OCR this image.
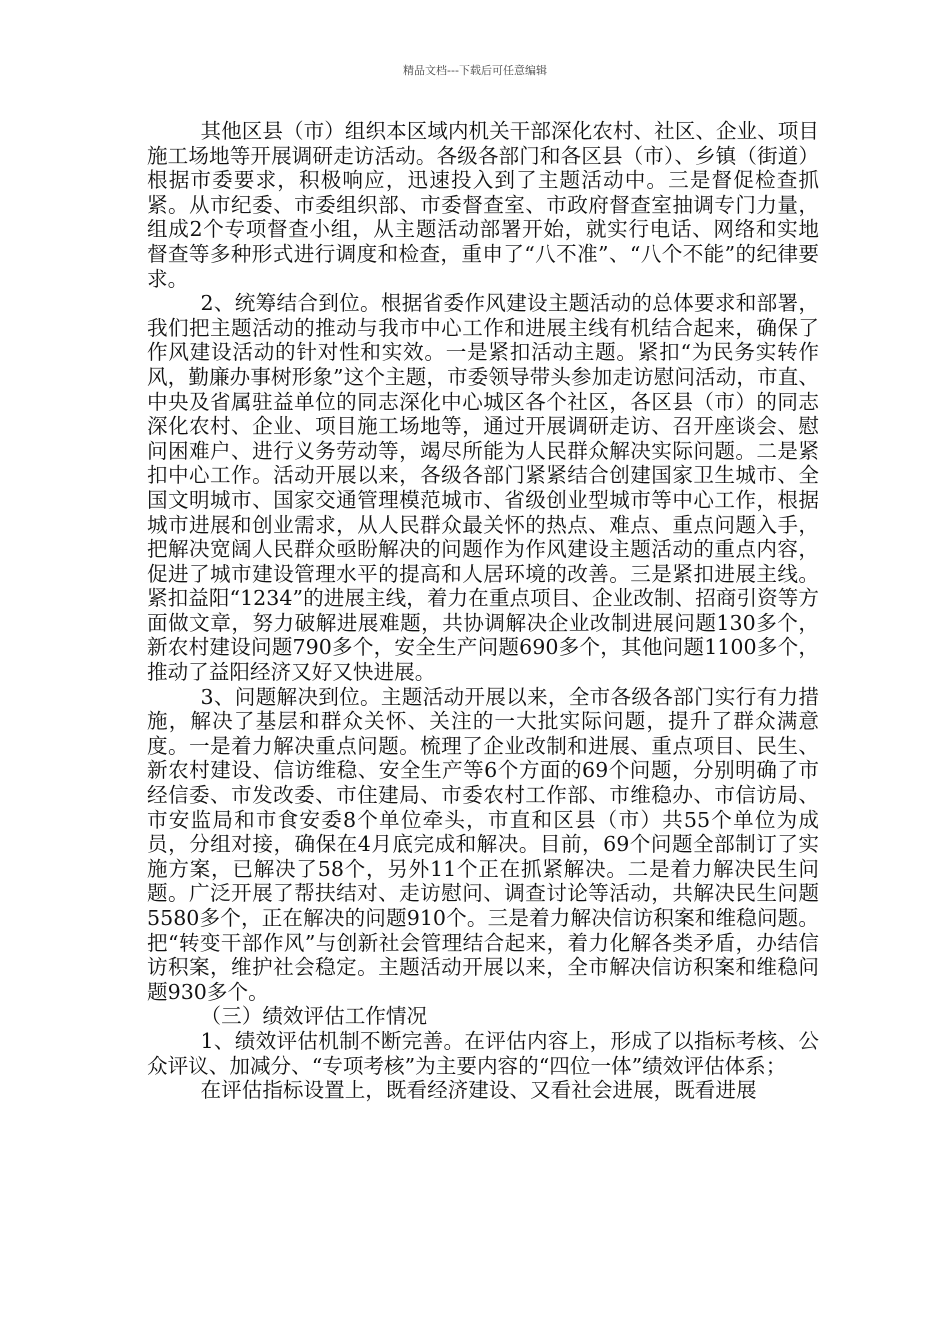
精品文档---下载后可任意编辑

其他区县（市）组织本区域内机关干部深化农村、社区、企业、项目施工场地等开展调研走访活动。各级各部门和各区县（市）、乡镇（街道）根据市委要求，积极响应，迅速投入到了主题活动中。三是督促检查抓紧。从市纪委、市委组织部、市委督查室、市政府督查室抽调专门力量，组成2个专项督查小组，从主题活动部署开始，就实行电话、网络和实地督查等多种形式进行调度和检查，重申了“八不准”、“八个不能”的纪律要求。

2、统筹结合到位。根据省委作风建设主题活动的总体要求和部署，我们把主题活动的推动与我市中心工作和进展主线有机结合起来，确保了作风建设活动的针对性和实效。一是紧扣活动主题。紧扣“为民务实转作风，勤廉办事树形象”这个主题，市委领导带头参加走访慰问活动，市直、中央及省属驻益单位的同志深化中心城区各个社区，各区县（市）的同志深化农村、企业、项目施工场地等，通过开展调研走访、召开座谈会、慰问困难户、进行义务劳动等，竭尽所能为人民群众解决实际问题。二是紧扣中心工作。活动开展以来，各级各部门紧紧结合创建国家卫生城市、全国文明城市、国家交通管理模范城市、省级创业型城市等中心工作，根据城市进展和创业需求，从人民群众最关怀的热点、难点、重点问题入手，把解决宽阔人民群众亟盼解决的问题作为作风建设主题活动的重点内容，促进了城市建设管理水平的提高和人居环境的改善。三是紧扣进展主线。紧扣益阳“1234”的进展主线，着力在重点项目、企业改制、招商引资等方面做文章，努力破解进展难题，共协调解决企业改制进展问题130多个，新农村建设问题790多个，安全生产问题690多个，其他问题1100多个，推动了益阳经济又好又快进展。

3、问题解决到位。主题活动开展以来，全市各级各部门实行有力措施，解决了基层和群众关怀、关注的一大批实际问题，提升了群众满意度。一是着力解决重点问题。梳理了企业改制和进展、重点项目、民生、新农村建设、信访维稳、安全生产等6个方面的69个问题，分别明确了市经信委、市发改委、市住建局、市委农村工作部、市维稳办、市信访局、市安监局和市食安委8个单位牵头，市直和区县（市）共55个单位为成员，分组对接，确保在4月底完成和解决。目前，69个问题全部制订了实施方案，已解决了58个，另外11个正在抓紧解决。二是着力解决民生问题。广泛开展了帮扶结对、走访慰问、调查讨论等活动，共解决民生问题5580多个，正在解决的问题910个。三是着力解决信访积案和维稳问题。把“转变干部作风”与创新社会管理结合起来，着力化解各类矛盾，办结信访积案，维护社会稳定。主题活动开展以来，全市解决信访积案和维稳问题930多个。

（三）绩效评估工作情况

1、绩效评估机制不断完善。在评估内容上，形成了以指标考核、公众评议、加减分、“专项考核”为主要内容的“四位一体”绩效评估体系；

在评估指标设置上，既看经济建设、又看社会进展，既看进展
